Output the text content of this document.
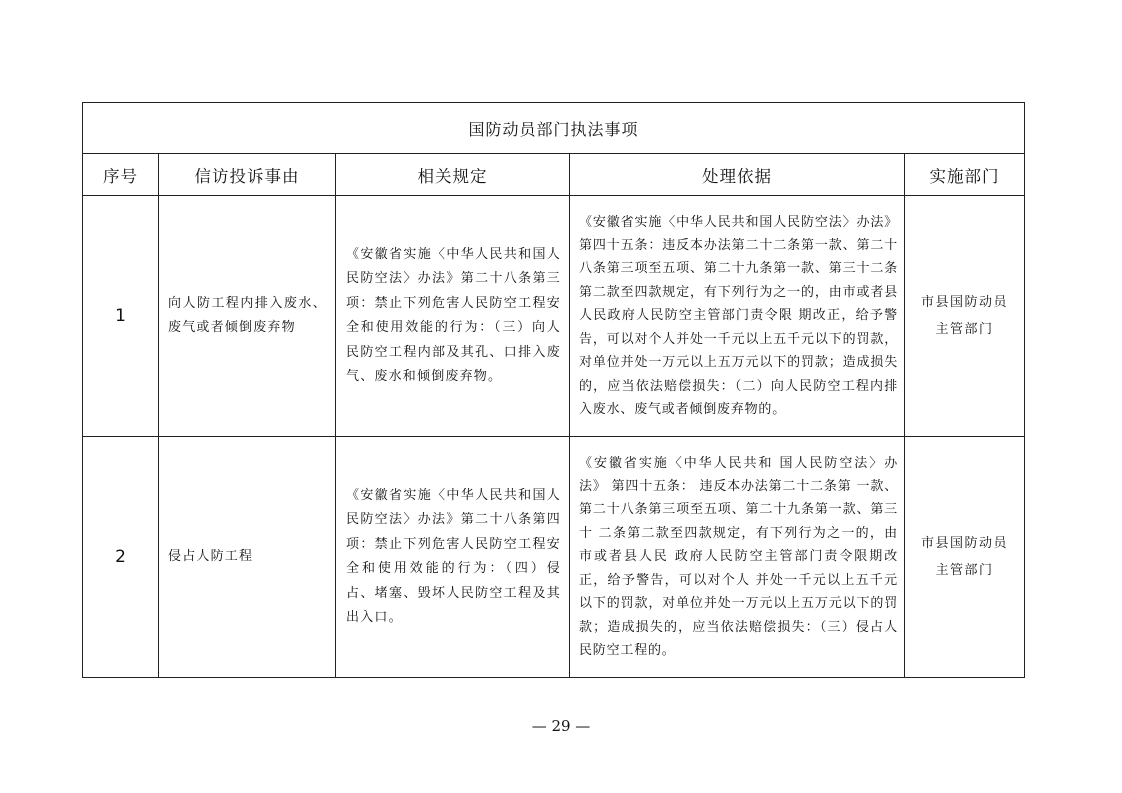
国防动员部门执法事项				
序号	信访投诉事由	相关规定	处理依据	实施部门
1	向人防工程内排入废水、废气或者倾倒废弃物	《安徽省实施〈中华人民共和国人民防空法〉办法》第二十八条第三项：禁止下列危害人民防空工程安全和使用效能的行为：（三）向人民防空工程内部及其孔、口排入废气、废水和倾倒废弃物。	《安徽省实施〈中华人民共和国人民防空法〉办法》第四十五条：违反本办法第二十二条第一款、第二十八条第三项至五项、第二十九条第一款、第三十二条第二款至四款规定，有下列行为之一的，由市或者县人民政府人民防空主管部门责令限 期改正，给予警告，可以对个人并处一千元以上五千元以下的罚款，对单位并处一万元以上五万元以下的罚款；造成损失的，应当依法赔偿损失：（二）向人民防空工程内排入废水、废气或者倾倒废弃物的。	市县国防动员主管部门
2	侵占人防工程	《安徽省实施〈中华人民共和国人民防空法〉办法》第二十八条第四项：禁止下列危害人民防空工程安全和使用效能的行为：（四）侵占、堵塞、毁坏人民防空工程及其出入口。	《安徽省实施〈中华人民共和 国人民防空法〉办法》 第四十五条： 违反本办法第二十二条第 一款、第二十八条第三项至五项、第二十九条第一款、第三十 二条第二款至四款规定，有下列行为之一的，由市或者县人民 政府人民防空主管部门责令限期改正，给予警告，可以对个人 并处一千元以上五千元以下的罚款，对单位并处一万元以上五万元以下的罚款；造成损失的，应当依法赔偿损失：（三）侵占人民防空工程的。	市县国防动员主管部门
— 29 —
